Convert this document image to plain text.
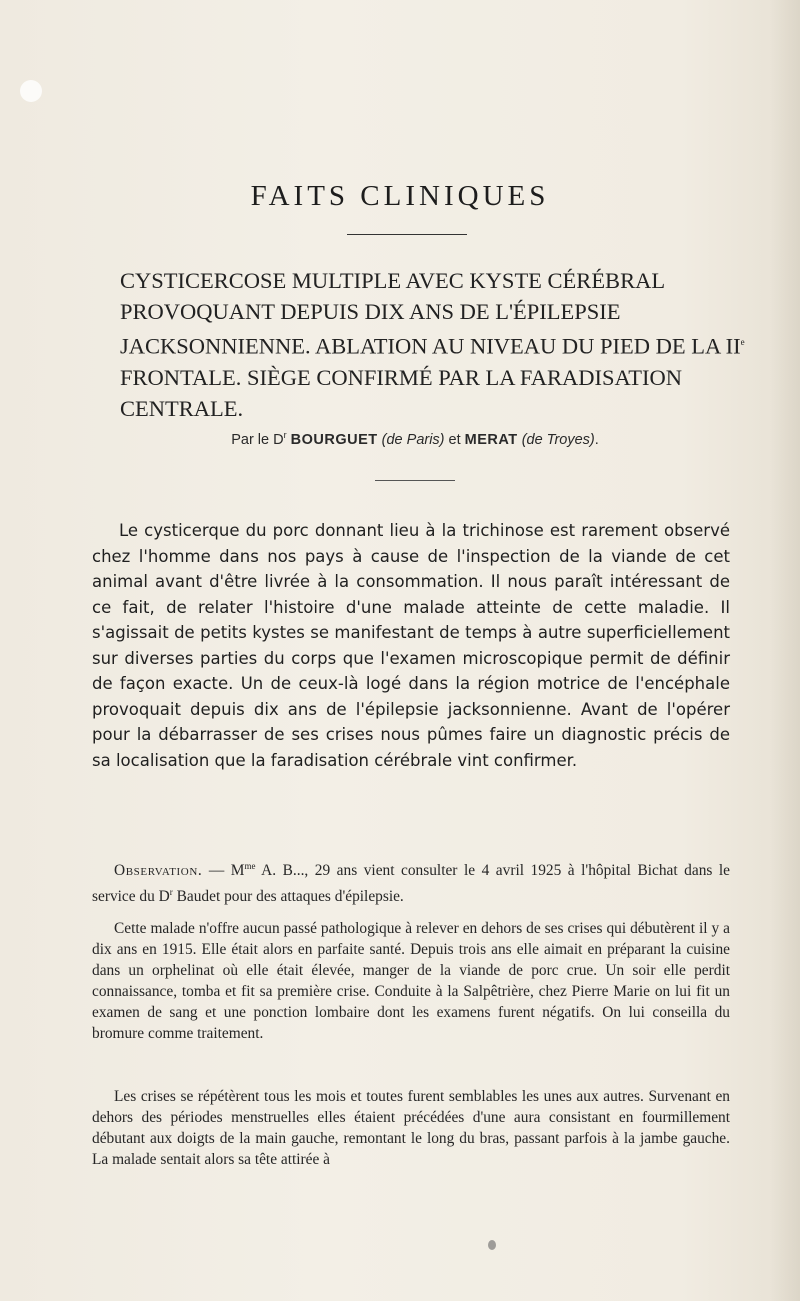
FAITS CLINIQUES
CYSTICERCOSE MULTIPLE AVEC KYSTE CÉRÉBRAL
PROVOQUANT DEPUIS DIX ANS DE L'ÉPILEPSIE JACKSONNIENNE. ABLATION AU NIVEAU DU PIED DE LA IIe FRONTALE. SIÈGE CONFIRMÉ PAR LA FARADISATION CENTRALE.
Par le $D^r$ BOURGUET (de Paris) et MERAT (de Troyes).

Le cysticerque du porc donnant lieu à la trichinose est rarement observé chez l'homme dans nos pays à cause de l'inspection de la viande de cet animal avant d'être livrée à la consommation. Il nous paraît intéressant de ce fait, de relater l'histoire d'une malade atteinte de cette maladie. Il s'agissait de petits kystes se manifestant de temps à autre superficiellement sur diverses parties du corps que l'examen microscopique permit de définir de façon exacte. Un de ceux-là logé dans la région motrice de l'encéphale provoquait depuis dix ans de l'épilepsie jacksonnienne. Avant de l'opérer pour la débarrasser de ses crises nous pûmes faire un diagnostic précis de sa localisation que la faradisation cérébrale vint confirmer.

Observation. — $M^{me}$ A. B..., 29 ans vient consulter le 4 avril 1925 à l'hôpital Bichat dans le service du $D^r$ Baudet pour des attaques d'épilepsie.

Cette malade n'offre aucun passé pathologique à relever en dehors de ses crises qui débutèrent il y a dix ans en 1915. Elle était alors en parfaite santé. Depuis trois ans elle aimait en préparant la cuisine dans un orphelinat où elle était élevée, manger de la viande de porc crue. Un soir elle perdit connaissance, tomba et fit sa première crise. Conduite à la Salpêtrière, chez Pierre Marie on lui fit un examen de sang et une ponction lombaire dont les examens furent négatifs. On lui conseilla du bromure comme traitement.

Les crises se répétèrent tous les mois et toutes furent semblables les unes aux autres. Survenant en dehors des périodes menstruelles elles étaient précédées d'une aura consistant en fourmillement débutant aux doigts de la main gauche, remontant le long du bras, passant parfois à la jambe gauche. La malade sentait alors sa tête attirée à
